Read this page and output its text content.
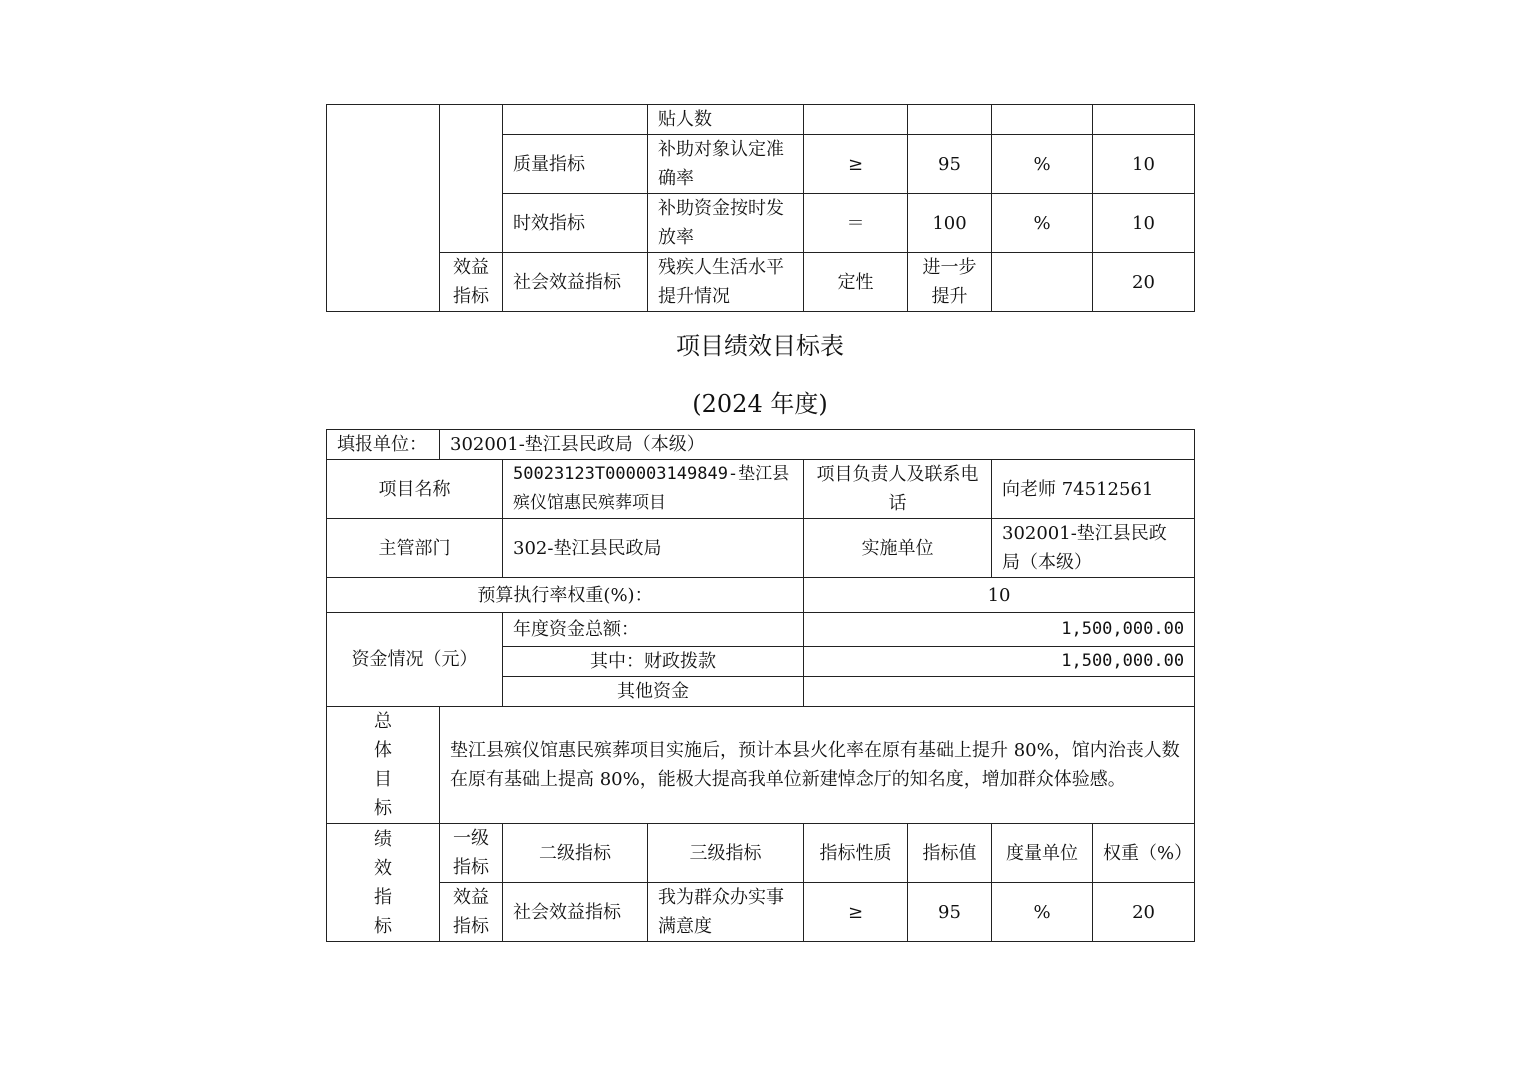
			贴人数				
		质量指标	补助对象认定准确率	≥	95	%	10
		时效指标	补助资金按时发放率	＝	100	%	10
	效益指标	社会效益指标	残疾人生活水平提升情况	定性	进一步提升		20
项目绩效目标表
(2024 年度)
填报单位：	302001-垫江县民政局（本级）						
项目名称		50023123T000003149849-垫江县殡仪馆惠民殡葬项目		项目负责人及联系电话		向老师 74512561	
主管部门		302-垫江县民政局		实施单位		302001-垫江县民政局（本级）	
预算执行率权重(%)：				10			
资金情况（元）		年度资金总额：		1,500,000.00			
		其中：财政拨款		1,500,000.00			
		其他资金					

总
体
目
标	垫江县殡仪馆惠民殡葬项目实施后，预计本县火化率在原有基础上提升 80%，馆内治丧人数在原有基础上提高 80%，能极大提高我单位新建悼念厅的知名度，增加群众体验感。						

绩
效
指
标	一级指标	二级指标	三级指标	指标性质	指标值	度量单位	权重（%）
	效益指标	社会效益指标	我为群众办实事满意度	≥	95	%	20
